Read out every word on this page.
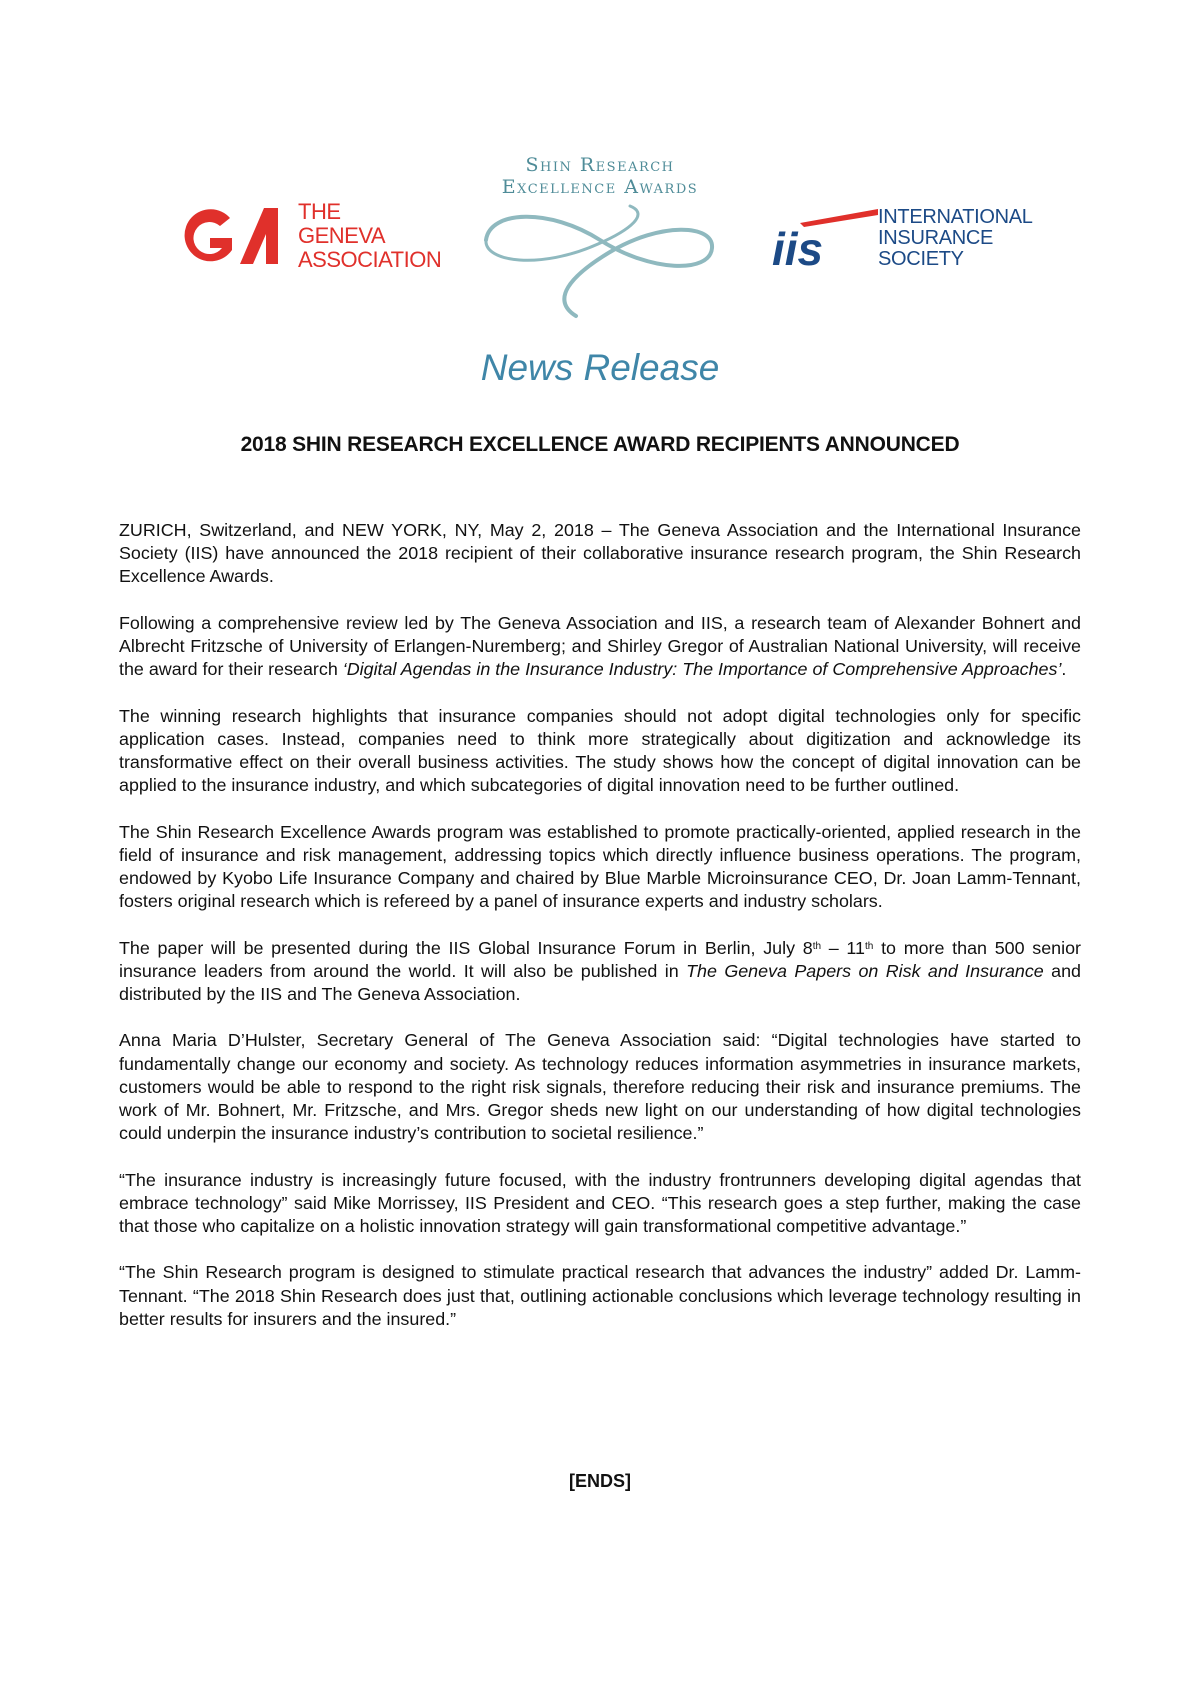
THE
GENEVA
ASSOCIATION
Shin Research
Excellence Awards
iis
INTERNATIONAL
INSURANCE
SOCIETY
News Release
2018 SHIN RESEARCH EXCELLENCE AWARD RECIPIENTS ANNOUNCED

ZURICH, Switzerland, and NEW YORK, NY, May 2, 2018 – The Geneva Association and the International Insurance Society (IIS) have announced the 2018 recipient of their collaborative insurance research program, the Shin Research Excellence Awards.

Following a comprehensive review led by The Geneva Association and IIS, a research team of Alexander Bohnert and Albrecht Fritzsche of University of Erlangen-Nuremberg; and Shirley Gregor of Australian National University, will receive the award for their research ‘Digital Agendas in the Insurance Industry: The Importance of Comprehensive Approaches’.

The winning research highlights that insurance companies should not adopt digital technologies only for specific application cases. Instead, companies need to think more strategically about digitization and acknowledge its transformative effect on their overall business activities. The study shows how the concept of digital innovation can be applied to the insurance industry, and which subcategories of digital innovation need to be further outlined.

The Shin Research Excellence Awards program was established to promote practically-oriented, applied research in the field of insurance and risk management, addressing topics which directly influence business operations. The program, endowed by Kyobo Life Insurance Company and chaired by Blue Marble Microinsurance CEO, Dr. Joan Lamm-Tennant, fosters original research which is refereed by a panel of insurance experts and industry scholars.

The paper will be presented during the IIS Global Insurance Forum in Berlin, July 8th – 11th to more than 500 senior insurance leaders from around the world. It will also be published in The Geneva Papers on Risk and Insurance and distributed by the IIS and The Geneva Association.

Anna Maria D’Hulster, Secretary General of The Geneva Association said: “Digital technologies have started to fundamentally change our economy and society. As technology reduces information asymmetries in insurance markets, customers would be able to respond to the right risk signals, therefore reducing their risk and insurance premiums. The work of Mr. Bohnert, Mr. Fritzsche, and Mrs. Gregor sheds new light on our understanding of how digital technologies could underpin the insurance industry’s contribution to societal resilience.”

“The insurance industry is increasingly future focused, with the industry frontrunners developing digital agendas that embrace technology” said Mike Morrissey, IIS President and CEO. “This research goes a step further, making the case that those who capitalize on a holistic innovation strategy will gain transformational competitive advantage.”

“The Shin Research program is designed to stimulate practical research that advances the industry” added Dr. Lamm-Tennant. “The 2018 Shin Research does just that, outlining actionable conclusions which leverage technology resulting in better results for insurers and the insured.”

[ENDS]
